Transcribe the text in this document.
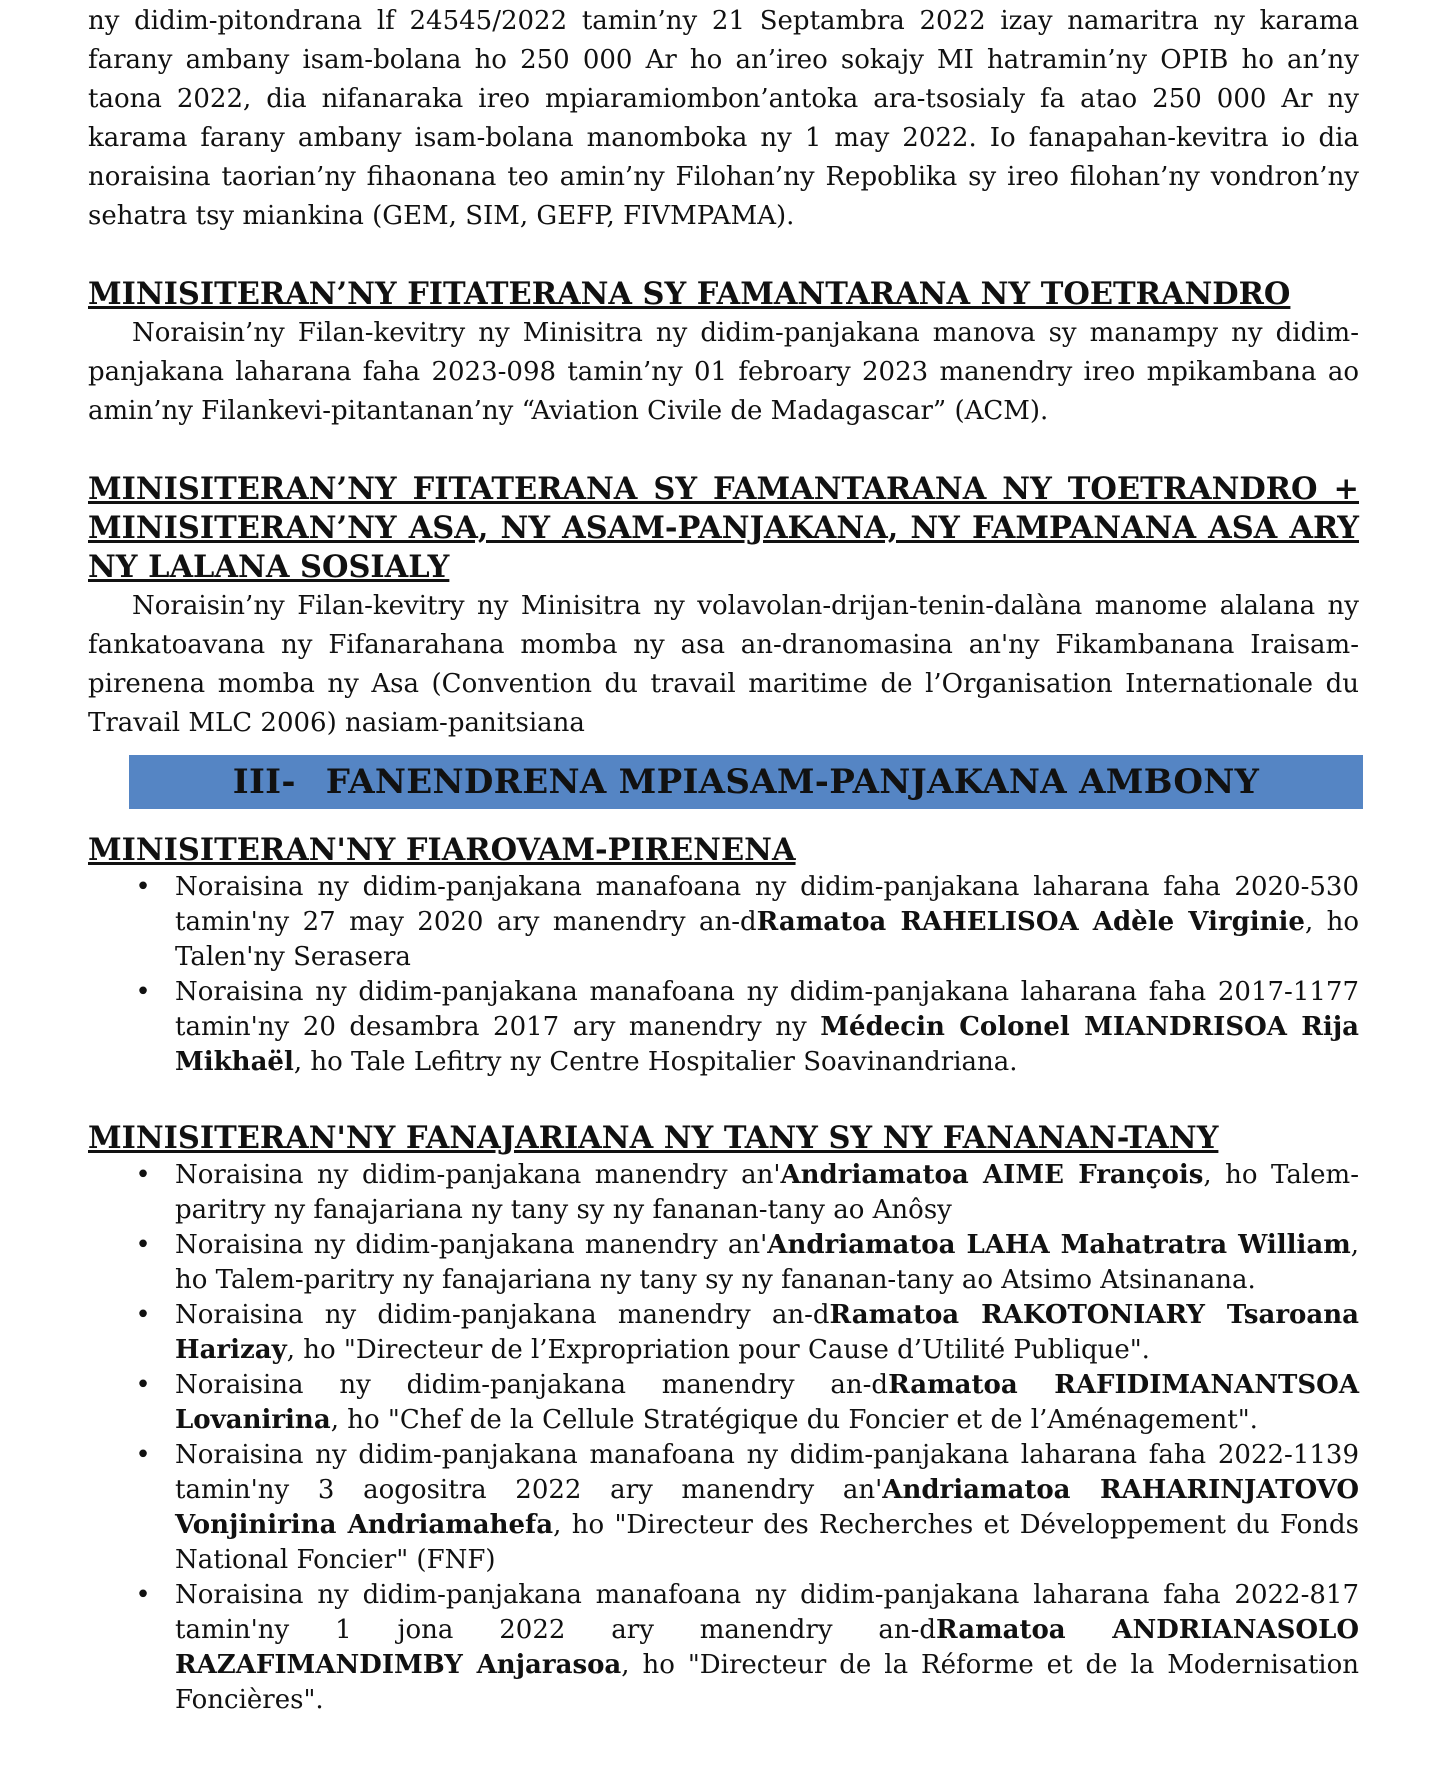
ny didim-pitondrana lf 24545/2022 tamin’ny 21 Septambra 2022 izay namaritra ny karama farany ambany isam-bolana ho 250 000 Ar ho an’ireo sokajy MI hatramin’ny OPIB ho an’ny taona 2022, dia nifanaraka ireo mpiaramiombon’antoka ara-tsosialy fa atao 250 000 Ar ny karama farany ambany isam-bolana manomboka ny 1 may 2022. Io fanapahan-kevitra io dia noraisina taorian’ny fihaonana teo amin’ny Filohan’ny Repoblika sy ireo filohan’ny vondron’ny sehatra tsy miankina (GEM, SIM, GEFP, FIVMPAMA).

MINISITERAN’NY FITATERANA SY FAMANTARANA NY TOETRANDRO

Noraisin’ny Filan-kevitry ny Minisitra ny didim-panjakana manova sy manampy ny didim-panjakana laharana faha 2023-098 tamin’ny 01 febroary 2023 manendry ireo mpikambana ao amin’ny Filankevi-pitantanan’ny “Aviation Civile de Madagascar” (ACM).

MINISITERAN’NY FITATERANA SY FAMANTARANA NY TOETRANDRO + MINISITERAN’NY ASA, NY ASAM-PANJAKANA, NY FAMPANANA ASA ARY NY LALANA SOSIALY

Noraisin’ny Filan-kevitry ny Minisitra ny volavolan-drijan-tenin-dalàna manome alalana ny fankatoavana ny Fifanarahana momba ny asa an-dranomasina an'ny Fikambanana Iraisam-pirenena momba ny Asa (Convention du travail maritime de l’Organisation Internationale du Travail MLC 2006) nasiam-panitsiana

III- FANENDRENA MPIASAM-PANJAKANA AMBONY
MINISITERAN'NY FIAROVAM-PIRENENA
• Noraisina ny didim-panjakana manafoana ny didim-panjakana laharana faha 2020-530 tamin'ny 27 may 2020 ary manendry an-dRamatoa RAHELISOA Adèle Virginie, ho Talen'ny Serasera
• Noraisina ny didim-panjakana manafoana ny didim-panjakana laharana faha 2017-1177 tamin'ny 20 desambra 2017 ary manendry ny Médecin Colonel MIANDRISOA Rija Mikhaël, ho Tale Lefitry ny Centre Hospitalier Soavinandriana.
MINISITERAN'NY FANAJARIANA NY TANY SY NY FANANAN-TANY
• Noraisina ny didim-panjakana manendry an'Andriamatoa AIME François, ho Talem-paritry ny fanajariana ny tany sy ny fananan-tany ao Anôsy
• Noraisina ny didim-panjakana manendry an'Andriamatoa LAHA Mahatratra William, ho Talem-paritry ny fanajariana ny tany sy ny fananan-tany ao Atsimo Atsinanana.
• Noraisina ny didim-panjakana manendry an-dRamatoa RAKOTONIARY Tsaroana Harizay, ho "Directeur de l’Expropriation pour Cause d’Utilité Publique".
• Noraisina ny didim-panjakana manendry an-dRamatoa RAFIDIMANANTSOA Lovanirina, ho "Chef de la Cellule Stratégique du Foncier et de l’Aménagement".
• Noraisina ny didim-panjakana manafoana ny didim-panjakana laharana faha 2022-1139 tamin'ny 3 aogositra 2022 ary manendry an'Andriamatoa RAHARINJATOVO Vonjinirina Andriamahefa, ho "Directeur des Recherches et Développement du Fonds National Foncier" (FNF)
• Noraisina ny didim-panjakana manafoana ny didim-panjakana laharana faha 2022-817 tamin'ny 1 jona 2022 ary manendry an-dRamatoa ANDRIANASOLO RAZAFIMANDIMBY Anjarasoa, ho "Directeur de la Réforme et de la Modernisation Foncières".
